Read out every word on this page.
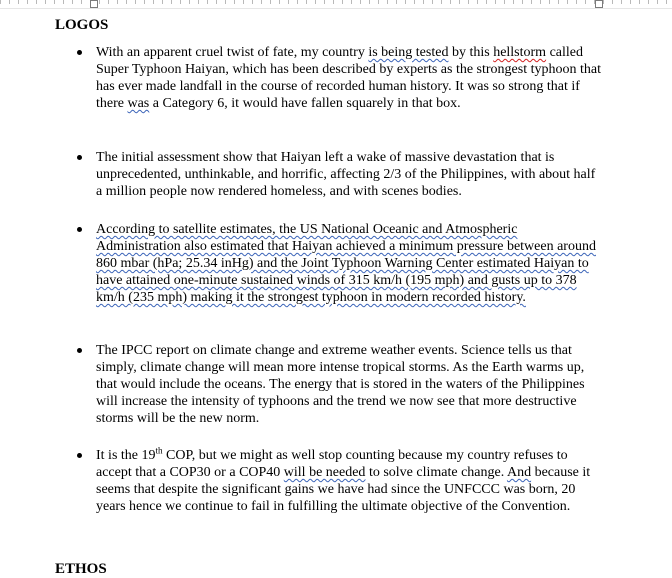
LOGOS
With an apparent cruel twist of fate, my country is being tested by this hellstorm called Super Typhoon Haiyan, which has been described by experts as the strongest typhoon that has ever made landfall in the course of recorded human history. It was so strong that if there was a Category 6, it would have fallen squarely in that box.
The initial assessment show that Haiyan left a wake of massive devastation that is unprecedented, unthinkable, and horrific, affecting 2/3 of the Philippines, with about half a million people now rendered homeless, and with scenes bodies.
According to satellite estimates, the US National Oceanic and Atmospheric Administration also estimated that Haiyan achieved a minimum pressure between around 860 mbar (hPa; 25.34 inHg) and the Joint Typhoon Warning Center estimated Haiyan to have attained one-minute sustained winds of 315 km/h (195 mph) and gusts up to 378 km/h (235 mph) making it the strongest typhoon in modern recorded history.
The IPCC report on climate change and extreme weather events. Science tells us that simply, climate change will mean more intense tropical storms. As the Earth warms up, that would include the oceans. The energy that is stored in the waters of the Philippines will increase the intensity of typhoons and the trend we now see that more destructive storms will be the new norm.
It is the 19th COP, but we might as well stop counting because my country refuses to accept that a COP30 or a COP40 will be needed to solve climate change. And because it seems that despite the significant gains we have had since the UNFCCC was born, 20 years hence we continue to fail in fulfilling the ultimate objective of the Convention.
ETHOS
